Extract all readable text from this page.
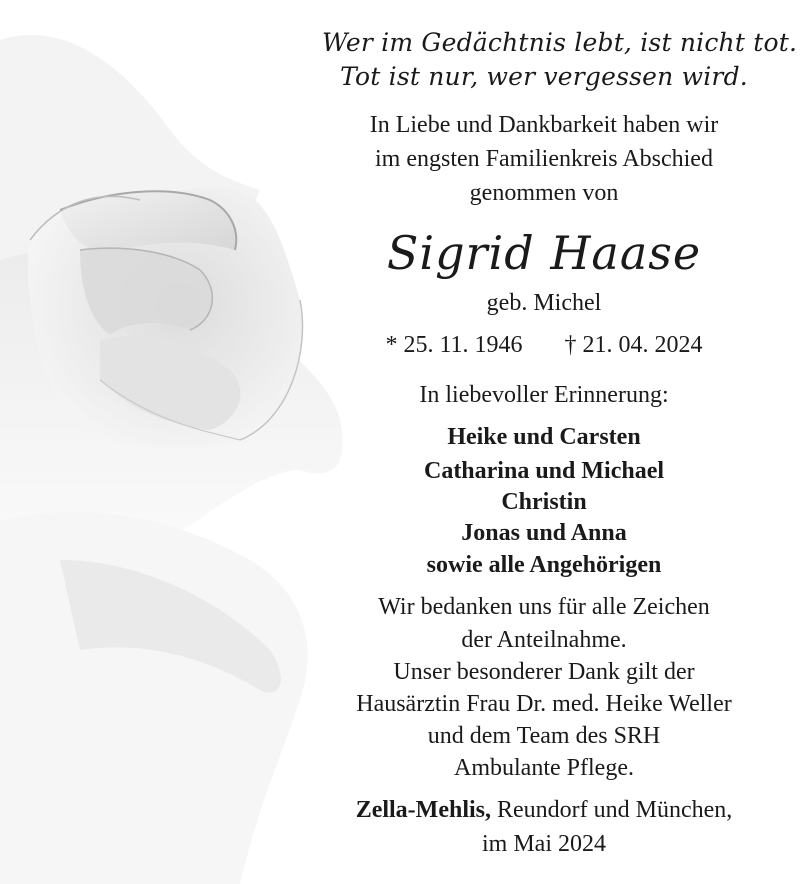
Wer im Gedächtnis lebt, ist nicht tot.
Tot ist nur, wer vergessen wird.
In Liebe und Dankbarkeit haben wir
im engsten Familienkreis Abschied
genommen von
Sigrid Haase
geb. Michel
* 25. 11. 1946 † 21. 04. 2024
In liebevoller Erinnerung:
Heike und Carsten
Catharina und Michael
Christin
Jonas und Anna
sowie alle Angehörigen
Wir bedanken uns für alle Zeichen
der Anteilnahme.
Unser besonderer Dank gilt der
Hausärztin Frau Dr. med. Heike Weller
und dem Team des SRH
Ambulante Pflege.
Zella-Mehlis, Reundorf und München,
im Mai 2024
